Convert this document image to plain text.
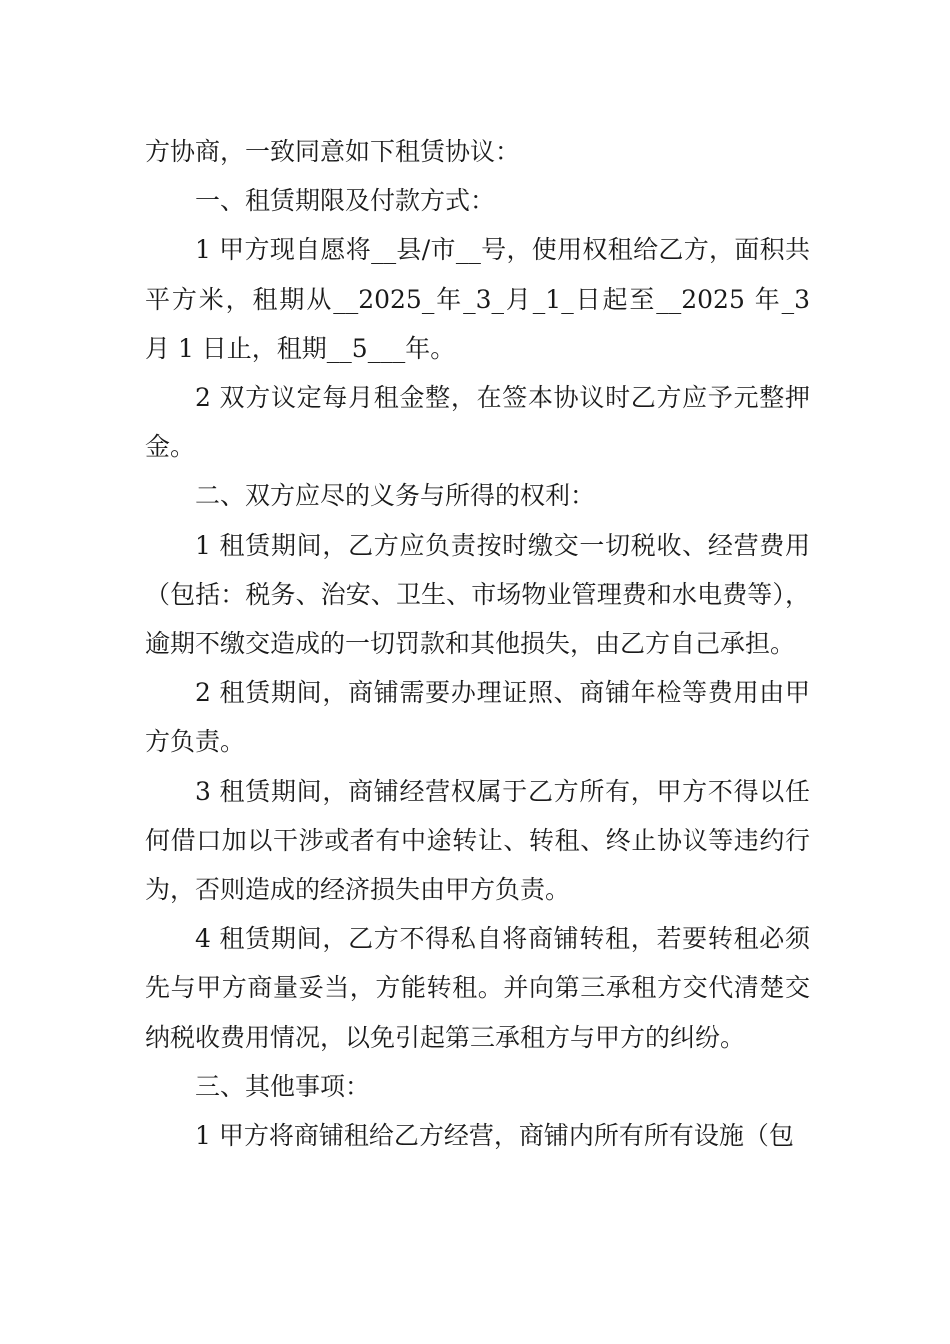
方协商，一致同意如下租赁协议：

一、租赁期限及付款方式：

1 甲方现自愿将__县/市__号，使用权租给乙方，面积共平方米，租期从__2025_年_3_月_1_日起至__2025 年_3 月 1 日止，租期__5___年。

2 双方议定每月租金整，在签本协议时乙方应予元整押金。

二、双方应尽的义务与所得的权利：

1 租赁期间，乙方应负责按时缴交一切税收、经营费用（包括：税务、治安、卫生、市场物业管理费和水电费等），逾期不缴交造成的一切罚款和其他损失，由乙方自己承担。

2 租赁期间，商铺需要办理证照、商铺年检等费用由甲方负责。

3 租赁期间，商铺经营权属于乙方所有，甲方不得以任何借口加以干涉或者有中途转让、转租、终止协议等违约行为，否则造成的经济损失由甲方负责。

4 租赁期间，乙方不得私自将商铺转租，若要转租必须先与甲方商量妥当，方能转租。并向第三承租方交代清楚交纳税收费用情况，以免引起第三承租方与甲方的纠纷。

三、其他事项：

1 甲方将商铺租给乙方经营，商铺内所有所有设施（包
